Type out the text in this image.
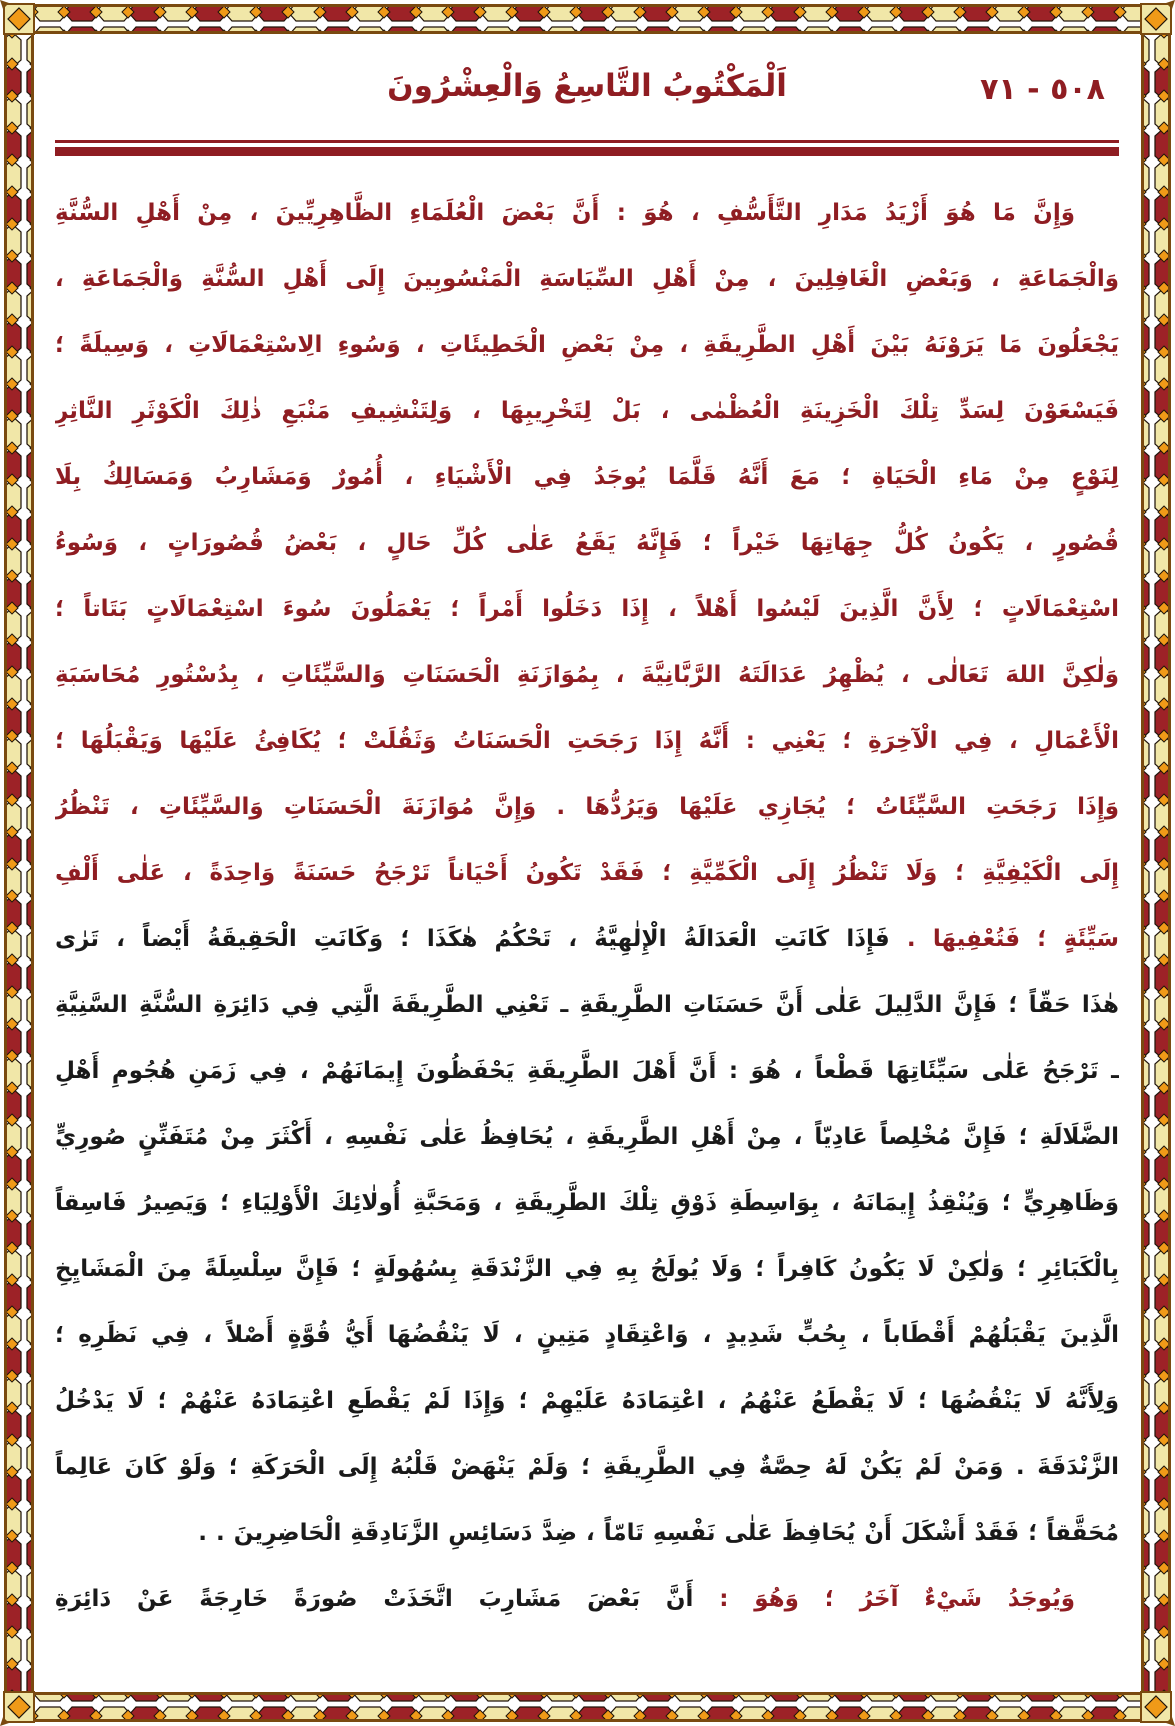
٥٠٨ - ٧١
اَلْمَكْتُوبُ التَّاسِعُ وَالْعِشْرُونَ
وَإِنَّ مَا هُوَ أَزْيَدُ مَدَارِ التَّأَسُّفِ ، هُوَ : أَنَّ بَعْضَ الْعُلَمَاءِ الظَّاهِرِيِّينَ ، مِنْ أَهْلِ السُّنَّةِ
وَالْجَمَاعَةِ ، وَبَعْضِ الْغَافِلِينَ ، مِنْ أَهْلِ السِّيَاسَةِ الْمَنْسُوبِينَ إِلَى أَهْلِ السُّنَّةِ وَالْجَمَاعَةِ ،
يَجْعَلُونَ مَا يَرَوْنَهُ بَيْنَ أَهْلِ الطَّرِيقَةِ ، مِنْ بَعْضِ الْخَطِيئَاتِ ، وَسُوءِ الِاسْتِعْمَالَاتِ ، وَسِيلَةً ؛
فَيَسْعَوْنَ لِسَدِّ تِلْكَ الْخَزِينَةِ الْعُظْمٰى ، بَلْ لِتَخْرِيبِهَا ، وَلِتَنْشِيفِ مَنْبَعِ ذٰلِكَ الْكَوْثَرِ النَّاثِرِ
لِنَوْعٍ مِنْ مَاءِ الْحَيَاةِ ؛ مَعَ أَنَّهُ قَلَّمَا يُوجَدُ فِي الْأَشْيَاءِ ، أُمُورٌ وَمَشَارِبُ وَمَسَالِكُ بِلَا
قُصُورٍ ، يَكُونُ كُلُّ جِهَاتِهَا خَيْراً ؛ فَإِنَّهُ يَقَعُ عَلٰى كُلِّ حَالٍ ، بَعْضُ قُصُورَاتٍ ، وَسُوءُ
اسْتِعْمَالَاتٍ ؛ لِأَنَّ الَّذِينَ لَيْسُوا أَهْلاً ، إِذَا دَخَلُوا أَمْراً ؛ يَعْمَلُونَ سُوءَ اسْتِعْمَالَاتٍ بَتَاتاً ؛
وَلٰكِنَّ اللهَ تَعَالٰى ، يُظْهِرُ عَدَالَتَهُ الرَّبَّانِيَّةَ ، بِمُوَازَنَةِ الْحَسَنَاتِ وَالسَّيِّئَاتِ ، بِدُسْتُورِ مُحَاسَبَةِ
الْأَعْمَالِ ، فِي الْآخِرَةِ ؛ يَعْنِي : أَنَّهُ إِذَا رَجَحَتِ الْحَسَنَاتُ وَثَقُلَتْ ؛ يُكَافِئُ عَلَيْهَا وَيَقْبَلُهَا ؛
وَإِذَا رَجَحَتِ السَّيِّئَاتُ ؛ يُجَازِي عَلَيْهَا وَيَرُدُّهَا . وَإِنَّ مُوَازَنَةَ الْحَسَنَاتِ وَالسَّيِّئَاتِ ، تَنْظُرُ
إِلَى الْكَيْفِيَّةِ ؛ وَلَا تَنْظُرُ إِلَى الْكَمِّيَّةِ ؛ فَقَدْ تَكُونُ أَحْيَاناً تَرْجَحُ حَسَنَةً وَاحِدَةً ، عَلٰى أَلْفِ
سَيِّئَةٍ ؛ فَتُعْفِيهَا . فَإِذَا كَانَتِ الْعَدَالَةُ الْإِلٰهِيَّةُ ، تَحْكُمُ هٰكَذَا ؛ وَكَانَتِ الْحَقِيقَةُ أَيْضاً ، تَرٰى
هٰذَا حَقّاً ؛ فَإِنَّ الدَّلِيلَ عَلٰى أَنَّ حَسَنَاتِ الطَّرِيقَةِ ـ تَعْنِي الطَّرِيقَةَ الَّتِي فِي دَائِرَةِ السُّنَّةِ السَّنِيَّةِ
ـ تَرْجَحُ عَلٰى سَيِّئَاتِهَا قَطْعاً ، هُوَ : أَنَّ أَهْلَ الطَّرِيقَةِ يَحْفَظُونَ إِيمَانَهُمْ ، فِي زَمَنِ هُجُومِ أَهْلِ
الضَّلَالَةِ ؛ فَإِنَّ مُخْلِصاً عَادِيّاً ، مِنْ أَهْلِ الطَّرِيقَةِ ، يُحَافِظُ عَلٰى نَفْسِهِ ، أَكْثَرَ مِنْ مُتَفَنِّنٍ صُورِيٍّ
وَظَاهِرِيٍّ ؛ وَيُنْقِذُ إِيمَانَهُ ، بِوَاسِطَةِ ذَوْقِ تِلْكَ الطَّرِيقَةِ ، وَمَحَبَّةِ أُولٰائِكَ الْأَوْلِيَاءِ ؛ وَيَصِيرُ فَاسِقاً
بِالْكَبَائِرِ ؛ وَلٰكِنْ لَا يَكُونُ كَافِراً ؛ وَلَا يُولَجُ بِهِ فِي الزَّنْدَقَةِ بِسُهُولَةٍ ؛ فَإِنَّ سِلْسِلَةً مِنَ الْمَشَايِخِ
الَّذِينَ يَقْبَلُهُمْ أَقْطَاباً ، بِحُبٍّ شَدِيدٍ ، وَاعْتِقَادٍ مَتِينٍ ، لَا يَنْقُضُهَا أَيُّ قُوَّةٍ أَصْلاً ، فِي نَظَرِهِ ؛
وَلِأَنَّهُ لَا يَنْقُضُهَا ؛ لَا يَقْطَعُ عَنْهُمُ ، اعْتِمَادَهُ عَلَيْهِمْ ؛ وَإِذَا لَمْ يَقْطَعِ اعْتِمَادَهُ عَنْهُمْ ؛ لَا يَدْخُلُ
الزَّنْدَقَةَ . وَمَنْ لَمْ يَكُنْ لَهُ حِصَّةٌ فِي الطَّرِيقَةِ ؛ وَلَمْ يَنْهَضْ قَلْبُهُ إِلَى الْحَرَكَةِ ؛ وَلَوْ كَانَ عَالِماً
مُحَقَّقاً ؛ فَقَدْ أَشْكَلَ أَنْ يُحَافِظَ عَلٰى نَفْسِهِ تَامّاً ، ضِدَّ دَسَائِسِ الزَّنَادِقَةِ الْحَاضِرِينَ . .
وَيُوجَدُ شَيْءٌ آخَرُ ؛ وَهُوَ : أَنَّ بَعْضَ مَشَارِبَ اتَّخَذَتْ صُورَةً خَارِجَةً عَنْ دَائِرَةِ
